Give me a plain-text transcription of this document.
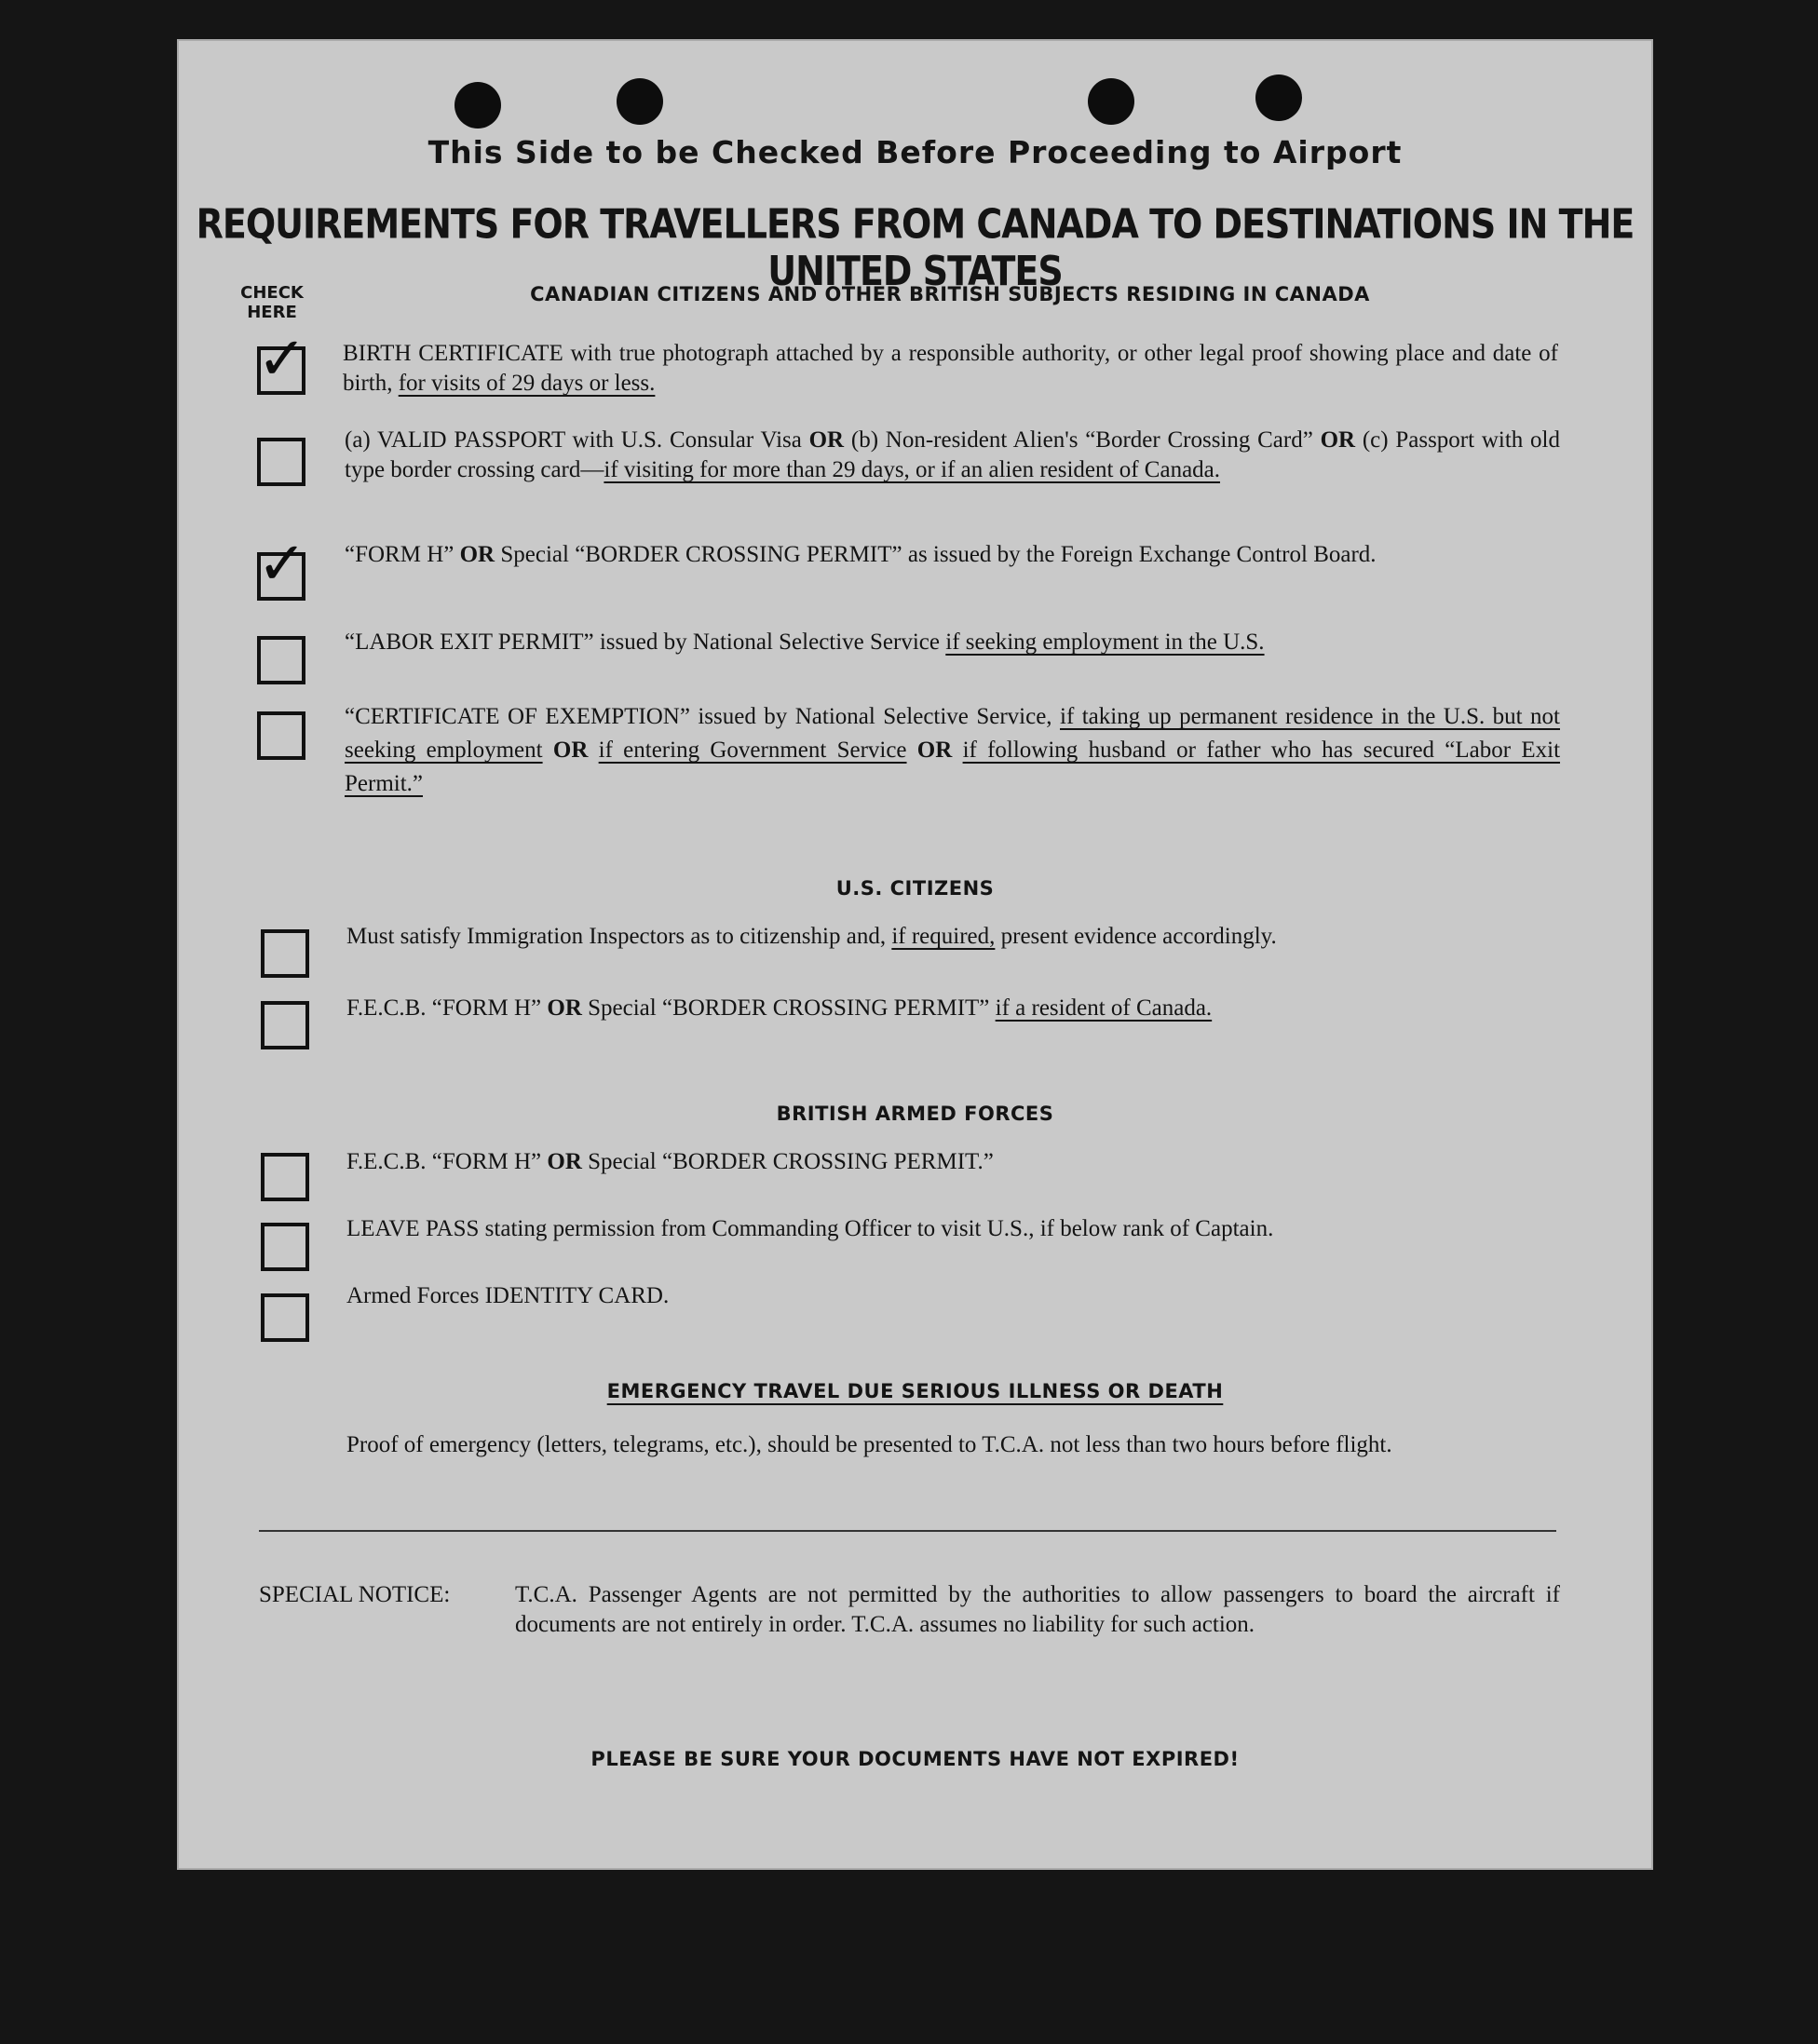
This Side to be Checked Before Proceeding to Airport
REQUIREMENTS FOR TRAVELLERS FROM CANADA TO DESTINATIONS IN THE UNITED STATES
CHECK HERE
CANADIAN CITIZENS AND OTHER BRITISH SUBJECTS RESIDING IN CANADA
✓ BIRTH CERTIFICATE with true photograph attached by a responsible authority, or other legal proof showing place and date of birth, for visits of 29 days or less.
(a) VALID PASSPORT with U.S. Consular Visa OR (b) Non-resident Alien's “Border Crossing Card” OR (c) Passport with old type border crossing card—if visiting for more than 29 days, or if an alien resident of Canada.
✓ “FORM H” OR Special “BORDER CROSSING PERMIT” as issued by the Foreign Exchange Control Board.
“LABOR EXIT PERMIT” issued by National Selective Service if seeking employment in the U.S.
“CERTIFICATE OF EXEMPTION” issued by National Selective Service, if taking up permanent residence in the U.S. but not seeking employment OR if entering Government Service OR if following husband or father who has secured “Labor Exit Permit.”
U.S. CITIZENS
Must satisfy Immigration Inspectors as to citizenship and, if required, present evidence accordingly.
F.E.C.B. “FORM H” OR Special “BORDER CROSSING PERMIT” if a resident of Canada.
BRITISH ARMED FORCES
F.E.C.B. “FORM H” OR Special “BORDER CROSSING PERMIT.”
LEAVE PASS stating permission from Commanding Officer to visit U.S., if below rank of Captain.
Armed Forces IDENTITY CARD.
EMERGENCY TRAVEL DUE SERIOUS ILLNESS OR DEATH
Proof of emergency (letters, telegrams, etc.), should be presented to T.C.A. not less than two hours before flight.
SPECIAL NOTICE:	T.C.A. Passenger Agents are not permitted by the authorities to allow passengers to board the aircraft if documents are not entirely in order. T.C.A. assumes no liability for such action.
PLEASE BE SURE YOUR DOCUMENTS HAVE NOT EXPIRED!
